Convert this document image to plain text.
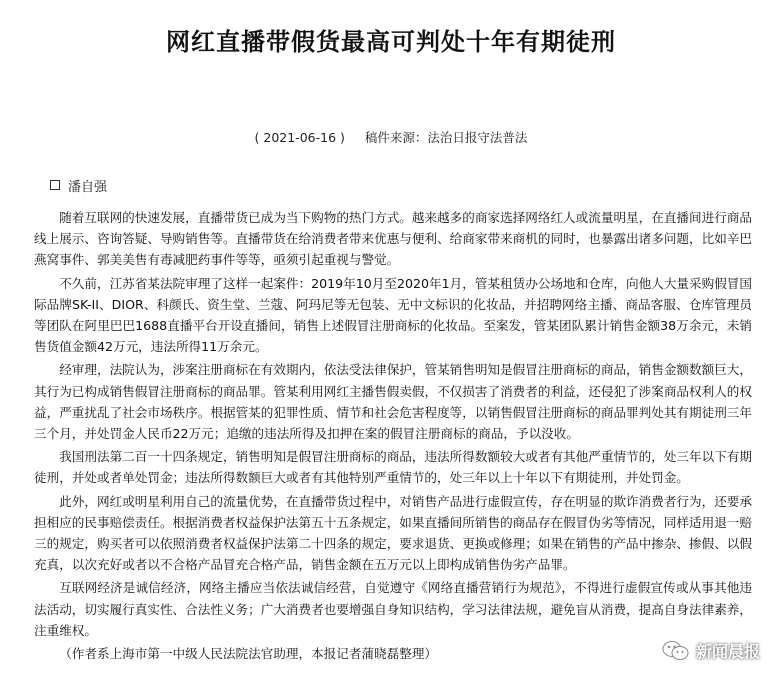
网红直播带假货最高可判处十年有期徒刑
( 2021-06-16 ) 稿件来源：法治日报守法普法
潘自强

随着互联网的快速发展，直播带货已成为当下购物的热门方式。越来越多的商家选择网络红人或流量明星，在直播间进行商品线上展示、咨询答疑、导购销售等。直播带货在给消费者带来优惠与便利、给商家带来商机的同时，也暴露出诸多问题，比如辛巴燕窝事件、郭美美售有毒减肥药事件等等，亟须引起重视与警觉。

不久前，江苏省某法院审理了这样一起案件：2019年10月至2020年1月，管某租赁办公场地和仓库，向他人大量采购假冒国际品牌SK-II、DIOR、科颜氏、资生堂、兰蔻、阿玛尼等无包装、无中文标识的化妆品，并招聘网络主播、商品客服、仓库管理员等团队在阿里巴巴1688直播平台开设直播间，销售上述假冒注册商标的化妆品。至案发，管某团队累计销售金额38万余元，未销售货值金额42万元，违法所得11万余元。

经审理，法院认为，涉案注册商标在有效期内，依法受法律保护，管某销售明知是假冒注册商标的商品，销售金额数额巨大，其行为已构成销售假冒注册商标的商品罪。管某利用网红主播售假卖假，不仅损害了消费者的利益，还侵犯了涉案商品权利人的权益，严重扰乱了社会市场秩序。根据管某的犯罪性质、情节和社会危害程度等，以销售假冒注册商标的商品罪判处其有期徒刑三年三个月，并处罚金人民币22万元；追缴的违法所得及扣押在案的假冒注册商标的商品，予以没收。

我国刑法第二百一十四条规定，销售明知是假冒注册商标的商品，违法所得数额较大或者有其他严重情节的，处三年以下有期徒刑，并处或者单处罚金；违法所得数额巨大或者有其他特别严重情节的，处三年以上十年以下有期徒刑，并处罚金。

此外，网红或明星利用自己的流量优势，在直播带货过程中，对销售产品进行虚假宣传，存在明显的欺诈消费者行为，还要承担相应的民事赔偿责任。根据消费者权益保护法第五十五条规定，如果直播间所销售的商品存在假冒伪劣等情况，同样适用退一赔三的规定，购买者可以依照消费者权益保护法第二十四条的规定，要求退货、更换或修理；如果在销售的产品中掺杂、掺假、以假充真，以次充好或者以不合格产品冒充合格产品，销售金额在五万元以上即构成销售伪劣产品罪。

互联网经济是诚信经济，网络主播应当依法诚信经营，自觉遵守《网络直播营销行为规范》，不得进行虚假宣传或从事其他违法活动，切实履行真实性、合法性义务；广大消费者也要增强自身知识结构，学习法律法规，避免盲从消费，提高自身法律素养，注重维权。

（作者系上海市第一中级人民法院法官助理，本报记者蒲晓磊整理）	新闻晨报
